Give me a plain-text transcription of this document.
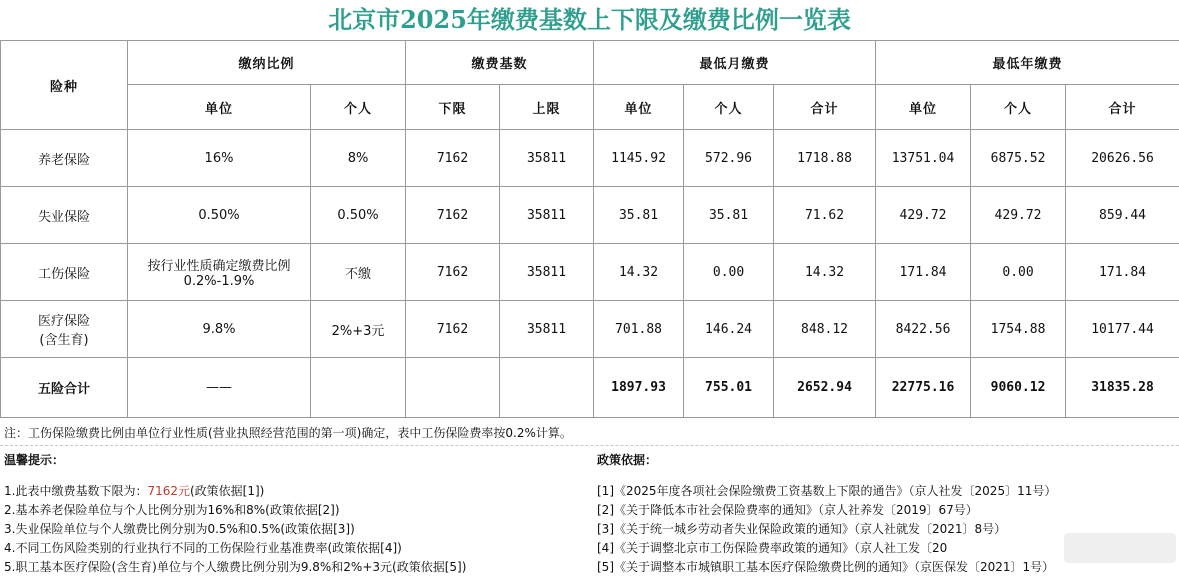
北京市2025年缴费基数上下限及缴费比例一览表
险种	缴纳比例		缴费基数		最低月缴费			最低年缴费		
	单位	个人	下限	上限	单位	个人	合计	单位	个人	合计
养老保险	16%	8%	7162	35811	1145.92	572.96	1718.88	13751.04	6875.52	20626.56
失业保险	0.50%	0.50%	7162	35811	35.81	35.81	71.62	429.72	429.72	859.44
工伤保险	按行业性质确定缴费比例0.2%-1.9%	不缴	7162	35811	14.32	0.00	14.32	171.84	0.00	171.84
医疗保险(含生育)	9.8%	2%+3元	7162	35811	701.88	146.24	848.12	8422.56	1754.88	10177.44
五险合计	——				1897.93	755.01	2652.94	22775.16	9060.12	31835.28
注：工伤保险缴费比例由单位行业性质(营业执照经营范围的第一项)确定，表中工伤保险费率按0.2%计算。
温馨提示：	政策依据：
1.此表中缴费基数下限为：7162元(政策依据[1])
2.基本养老保险单位与个人比例分别为16%和8%(政策依据[2])
3.失业保险单位与个人缴费比例分别为0.5%和0.5%(政策依据[3])
4.不同工伤风险类别的行业执行不同的工伤保险行业基准费率(政策依据[4])
5.职工基本医疗保险(含生育)单位与个人缴费比例分别为9.8%和2%+3元(政策依据[5])
[1]《2025年度各项社会保险缴费工资基数上下限的通告》（京人社发〔2025〕11号）
[2]《关于降低本市社会保险费率的通知》（京人社养发〔2019〕67号）
[3]《关于统一城乡劳动者失业保险政策的通知》（京人社就发〔2021〕8号）
[4]《关于调整北京市工伤保险费率政策的通知》（京人社工发〔20
[5]《关于调整本市城镇职工基本医疗保险缴费比例的通知》（京医保发〔2021〕1号）
